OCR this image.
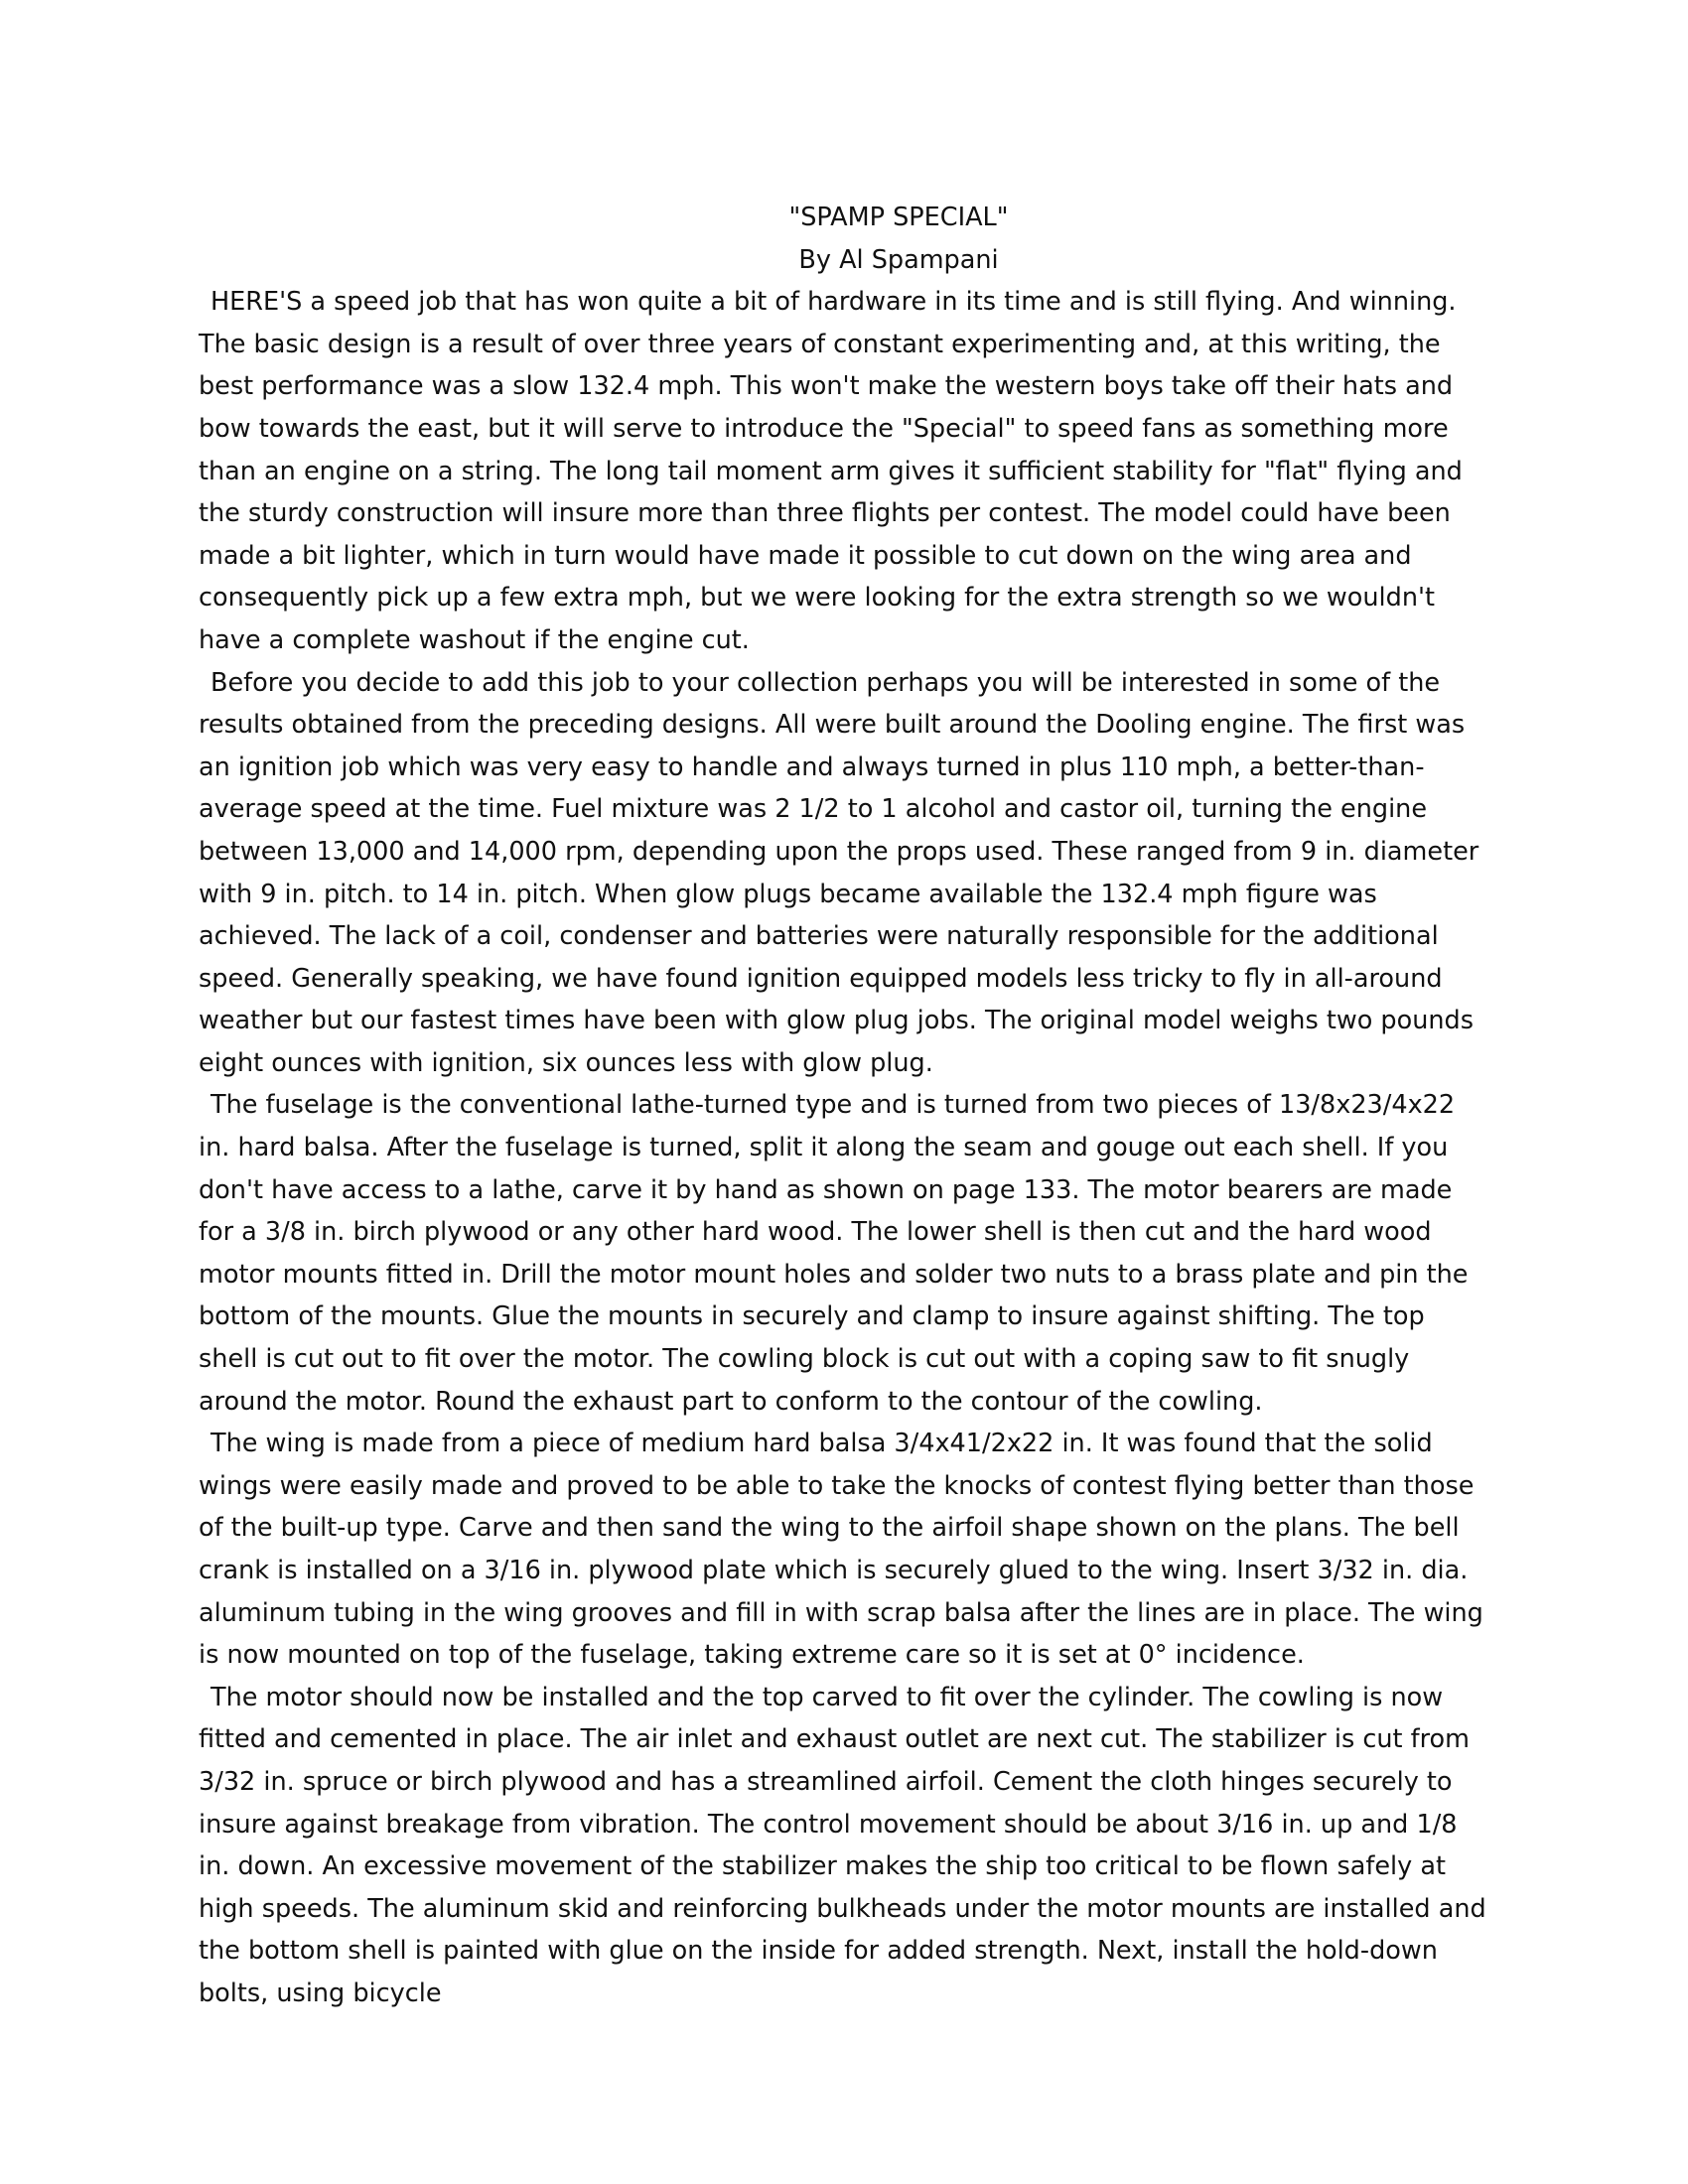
"SPAMP SPECIAL"
By Al Spampani

HERE'S a speed job that has won quite a bit of hardware in its time and is still flying. And winning. The basic design is a result of over three years of constant experimenting and, at this writing, the best performance was a slow 132.4 mph. This won't make the western boys take off their hats and bow towards the east, but it will serve to introduce the "Special" to speed fans as something more than an engine on a string. The long tail moment arm gives it sufficient stability for "flat" flying and the sturdy construction will insure more than three flights per contest. The model could have been made a bit lighter, which in turn would have made it possible to cut down on the wing area and consequently pick up a few extra mph, but we were looking for the extra strength so we wouldn't have a complete washout if the engine cut.

Before you decide to add this job to your collection perhaps you will be interested in some of the results obtained from the preceding designs. All were built around the Dooling engine. The first was an ignition job which was very easy to handle and always turned in plus 110 mph, a better-than-average speed at the time. Fuel mixture was 2 1/2 to 1 alcohol and castor oil, turning the engine between 13,000 and 14,000 rpm, depending upon the props used. These ranged from 9 in. diameter with 9 in. pitch. to 14 in. pitch. When glow plugs became available the 132.4 mph figure was achieved. The lack of a coil, condenser and batteries were naturally responsible for the additional speed. Generally speaking, we have found ignition equipped models less tricky to fly in all-around weather but our fastest times have been with glow plug jobs. The original model weighs two pounds eight ounces with ignition, six ounces less with glow plug.

The fuselage is the conventional lathe-turned type and is turned from two pieces of 13/8x23/4x22 in. hard balsa. After the fuselage is turned, split it along the seam and gouge out each shell. If you don't have access to a lathe, carve it by hand as shown on page 133. The motor bearers are made for a 3/8 in. birch plywood or any other hard wood. The lower shell is then cut and the hard wood motor mounts fitted in. Drill the motor mount holes and solder two nuts to a brass plate and pin the bottom of the mounts. Glue the mounts in securely and clamp to insure against shifting. The top shell is cut out to fit over the motor. The cowling block is cut out with a coping saw to fit snugly around the motor. Round the exhaust part to conform to the contour of the cowling.

The wing is made from a piece of medium hard balsa 3/4x41/2x22 in. It was found that the solid wings were easily made and proved to be able to take the knocks of contest flying better than those of the built-up type. Carve and then sand the wing to the airfoil shape shown on the plans. The bell crank is installed on a 3/16 in. plywood plate which is securely glued to the wing. Insert 3/32 in. dia. aluminum tubing in the wing grooves and fill in with scrap balsa after the lines are in place. The wing is now mounted on top of the fuselage, taking extreme care so it is set at 0° incidence.

The motor should now be installed and the top carved to fit over the cylinder. The cowling is now fitted and cemented in place. The air inlet and exhaust outlet are next cut. The stabilizer is cut from 3/32 in. spruce or birch plywood and has a streamlined airfoil. Cement the cloth hinges securely to insure against breakage from vibration. The control movement should be about 3/16 in. up and 1/8 in. down. An excessive movement of the stabilizer makes the ship too critical to be flown safely at high speeds. The aluminum skid and reinforcing bulkheads under the motor mounts are installed and the bottom shell is painted with glue on the inside for added strength. Next, install the hold-down bolts, using bicycle
